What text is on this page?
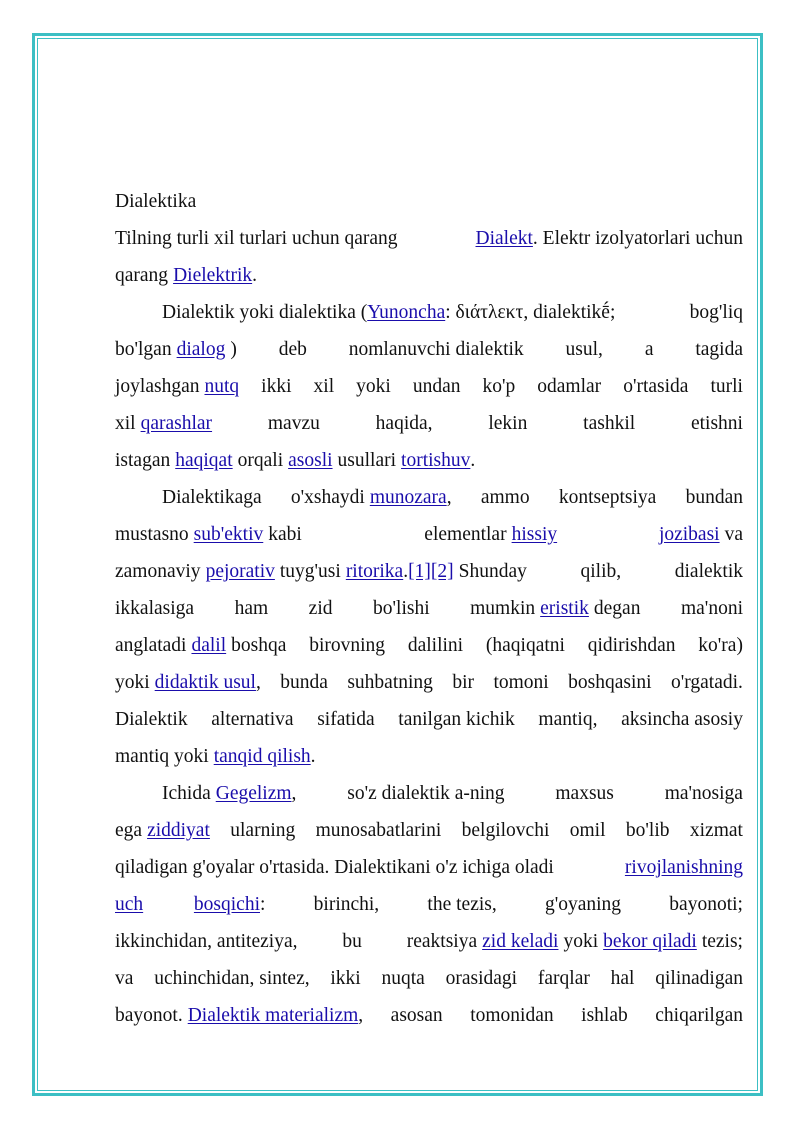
Dialektika
Tilning turli xil turlari uchun qarang	Dialekt. Elektr izolyatorlari uchun
qarang Dielektrik .
Dialektik yoki dialektika (Yunoncha: διάτλεκτ, dialektikḗ;	bog'liq
bo'lgan dialog ) deb nomlanuvchi dialektik usul, a tagida
joylashgan nutq ikki xil yoki undan ko'p odamlar o'rtasida turli
xil qarashlar	mavzu	haqida,	lekin	tashkil	etishni
istagan haqiqat orqali asosli usullari tortishuv .
Dialektikaga o'xshaydi munozara, ammo kontseptsiya bundan
mustasno sub'ektiv kabi	elementlar hissiy	jozibasi va
zamonaviy pejorativ tuyg'usi ritorika.[1][2] Shunday	qilib,	dialektik
ikkalasiga ham zid bo'lishi mumkin eristik degan ma'noni
anglatadi dalil boshqa birovning dalilini (haqiqatni qidirishdan ko'ra)
yoki didaktik usul, bunda suhbatning bir tomoni boshqasini o'rgatadi.
Dialektik alternativa sifatida tanilgan kichik mantiq, aksincha asosiy
mantiq yoki tanqid qilish .
Ichida Gegelizm,	so'z dialektik a-ning	maxsus	ma'nosiga
ega ziddiyat ularning munosabatlarini belgilovchi omil bo'lib xizmat
qiladigan g'oyalar o'rtasida. Dialektikani o'z ichiga oladi	rivojlanishning
uch	bosqichi : birinchi, the tezis, g'oyaning bayonoti;
ikkinchidan, antiteziya, bu reaktsiya zid keladi yoki bekor qiladi tezis;
va uchinchidan, sintez, ikki nuqta orasidagi farqlar hal qilinadigan
bayonot. Dialektik materializm, asosan tomonidan ishlab chiqarilgan
